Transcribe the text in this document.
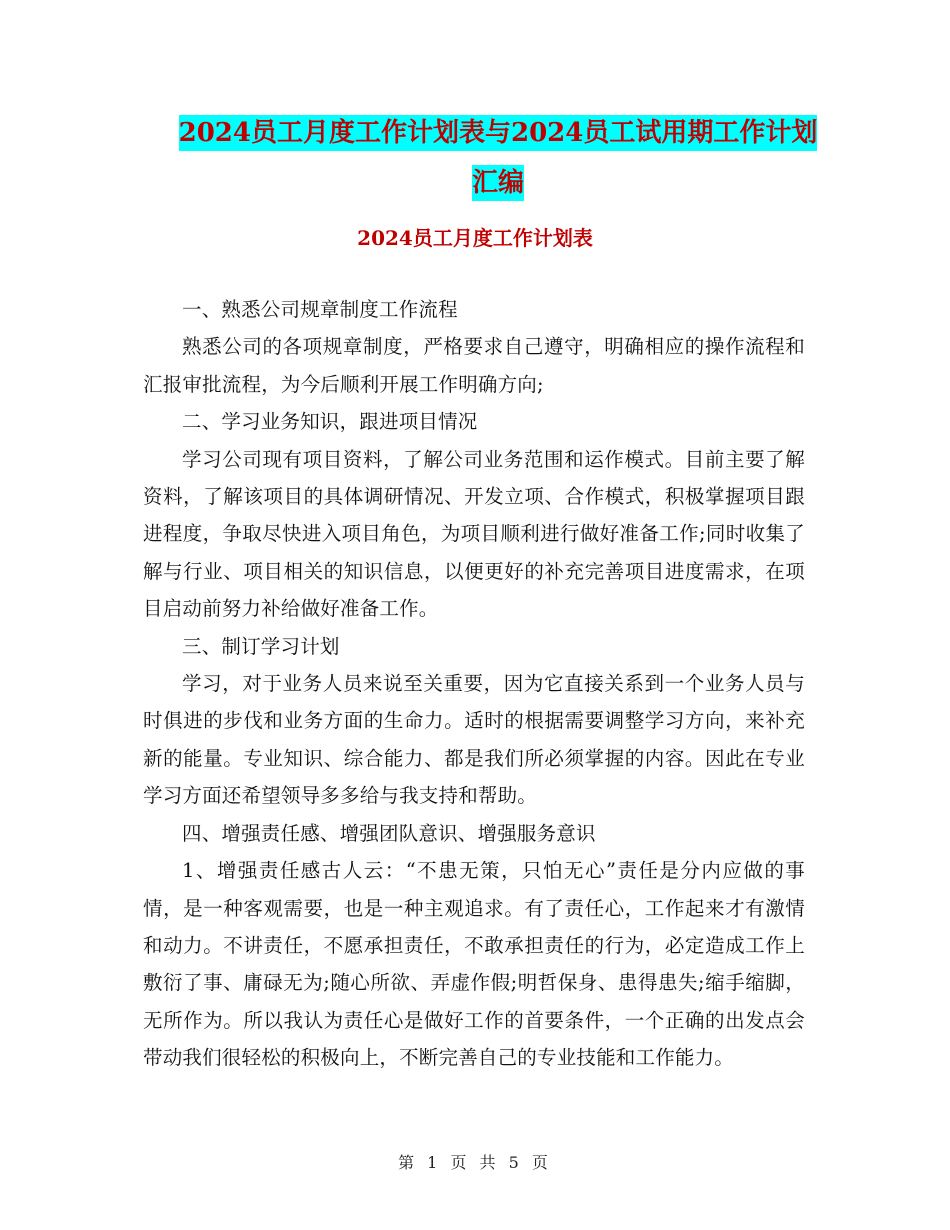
2024员工月度工作计划表与2024员工试用期工作计划
汇编
2024员工月度工作计划表

一、熟悉公司规章制度工作流程

熟悉公司的各项规章制度，严格要求自己遵守，明确相应的操作流程和汇报审批流程，为今后顺利开展工作明确方向;

二、学习业务知识，跟进项目情况

学习公司现有项目资料，了解公司业务范围和运作模式。目前主要了解资料，了解该项目的具体调研情况、开发立项、合作模式，积极掌握项目跟进程度，争取尽快进入项目角色，为项目顺利进行做好准备工作;同时收集了解与行业、项目相关的知识信息，以便更好的补充完善项目进度需求，在项目启动前努力补给做好准备工作。

三、制订学习计划

学习，对于业务人员来说至关重要，因为它直接关系到一个业务人员与时俱进的步伐和业务方面的生命力。适时的根据需要调整学习方向，来补充新的能量。专业知识、综合能力、都是我们所必须掌握的内容。因此在专业学习方面还希望领导多多给与我支持和帮助。

四、增强责任感、增强团队意识、增强服务意识

1、增强责任感古人云：“不患无策，只怕无心”责任是分内应做的事情，是一种客观需要，也是一种主观追求。有了责任心，工作起来才有激情和动力。不讲责任，不愿承担责任，不敢承担责任的行为，必定造成工作上敷衍了事、庸碌无为;随心所欲、弄虚作假;明哲保身、患得患失;缩手缩脚，无所作为。所以我认为责任心是做好工作的首要条件，一个正确的出发点会带动我们很轻松的积极向上，不断完善自己的专业技能和工作能力。

第 1 页 共 5 页
